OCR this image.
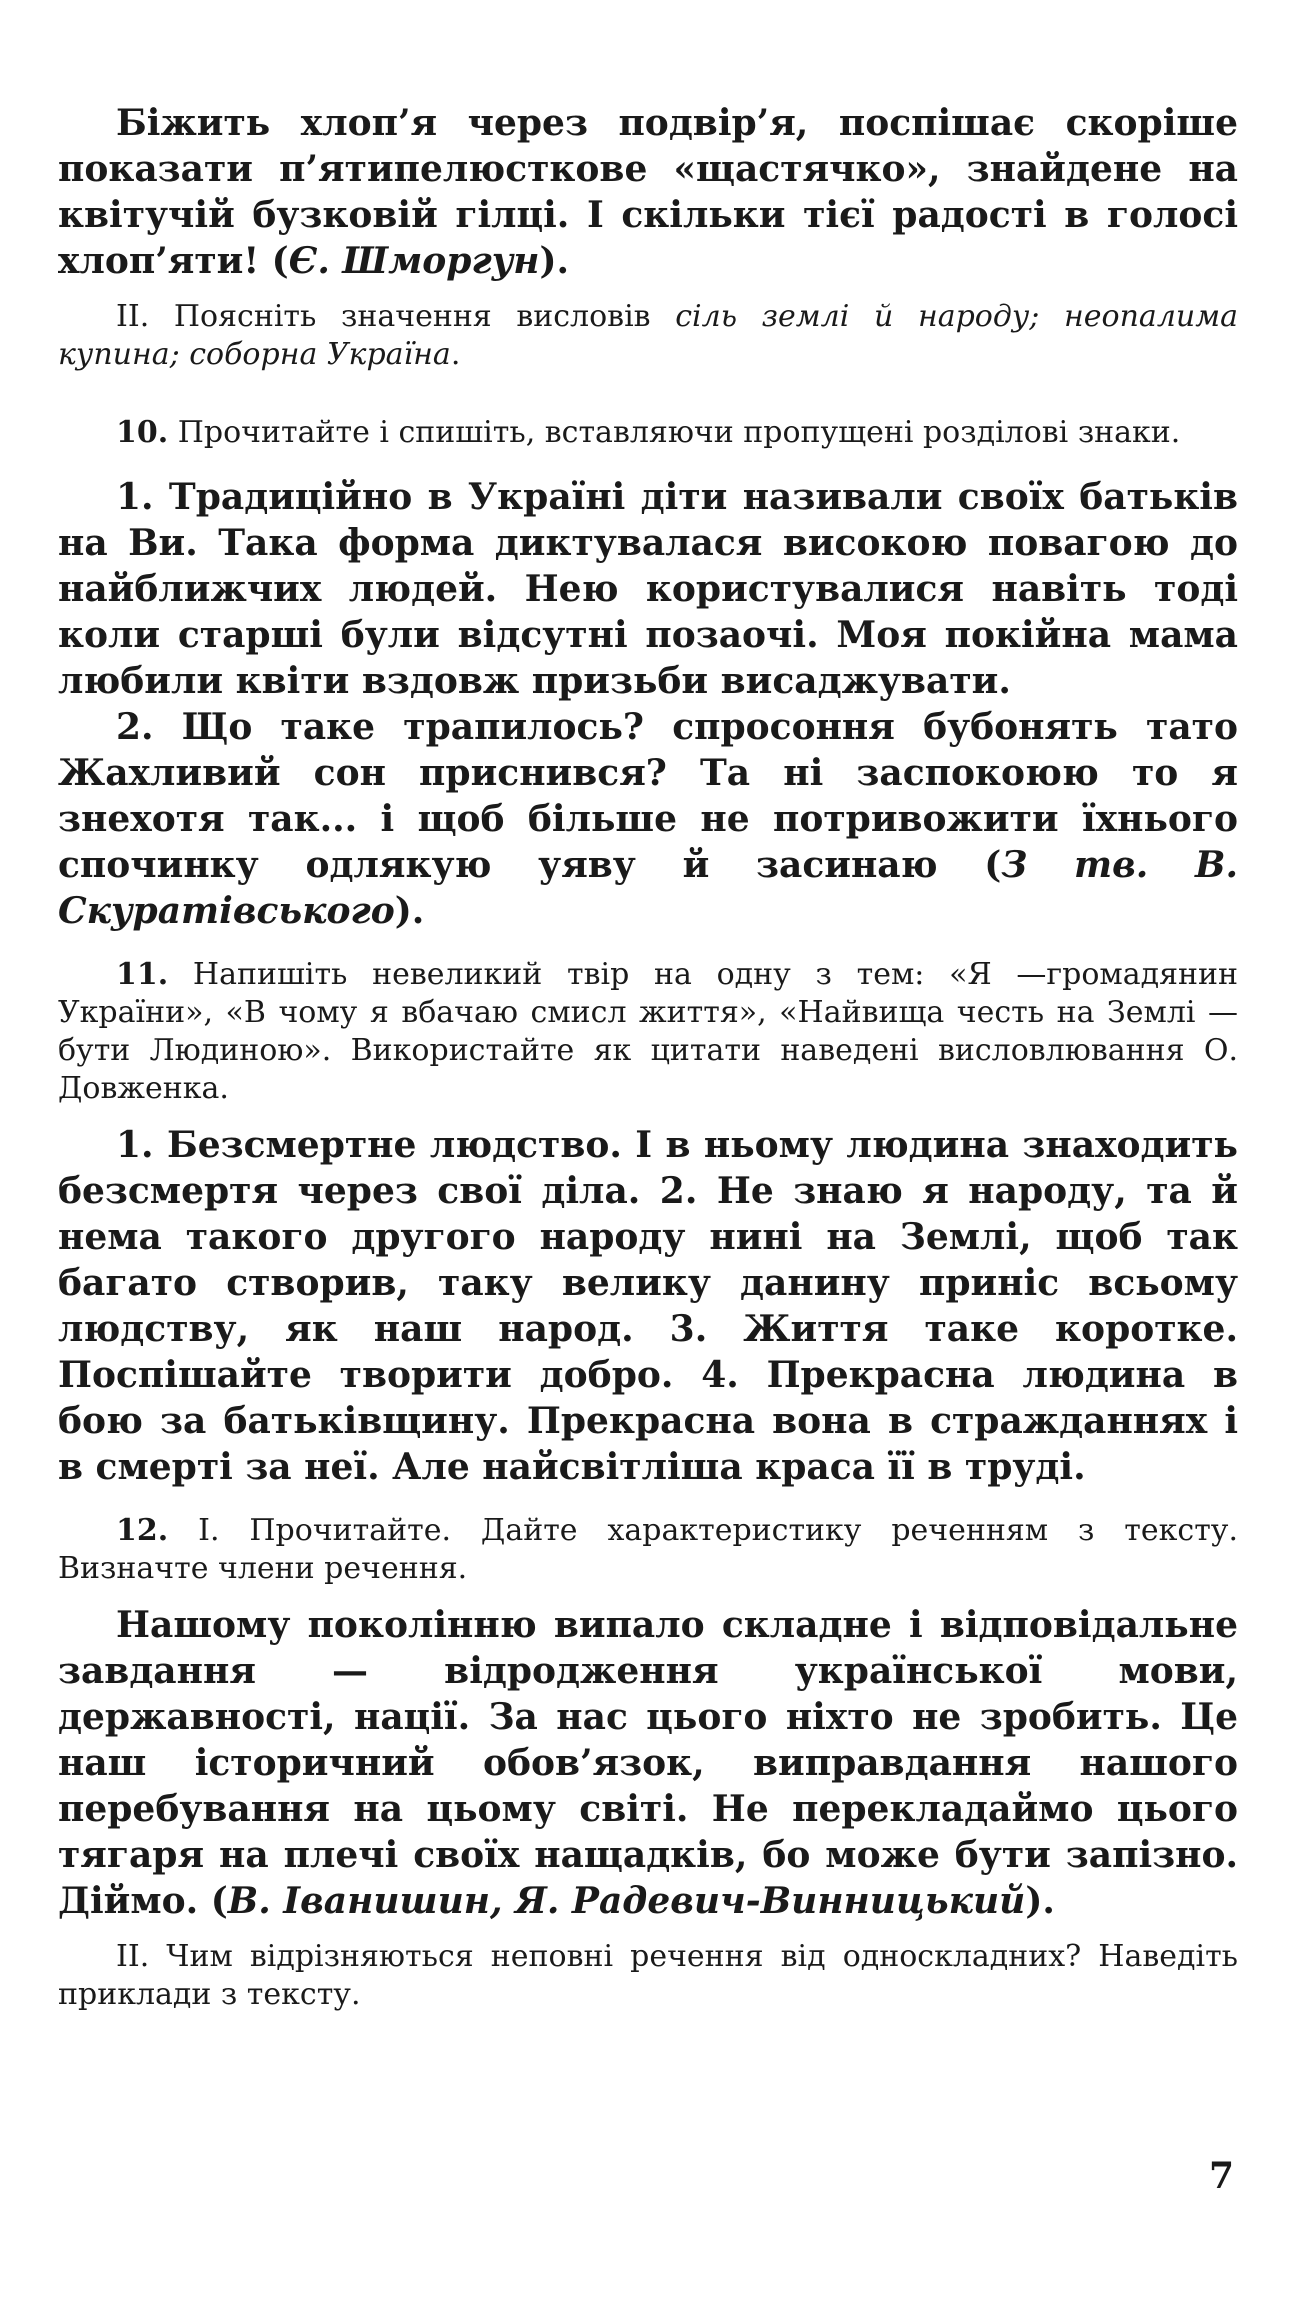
Біжить хлоп’я через подвір’я, поспішає скоріше показати п’ятипелюсткове «щастячко», знайдене на квітучій бузковій гілці. І скільки тієї радості в голосі хлоп’яти! (Є. Шморгун).

II. Поясніть значення висловів сіль землі й народу; неопалима купина; соборна Україна.

10. Прочитайте і спишіть, вставляючи пропущені розділові знаки.

1. Традиційно в Україні діти називали своїх батьків на Ви. Така форма диктувалася високою повагою до найближчих людей. Нею користувалися навіть тоді коли старші були відсутні позаочі. Моя покійна мама любили квіти вздовж призьби висаджувати.

2. Що таке трапилось? спросоння бубонять тато Жахливий сон приснився? Та ні заспокоюю то я знехотя так... і щоб більше не потривожити їхнього спочинку одлякую уяву й засинаю (З тв. В. Скуратівського).

11. Напишіть невеликий твір на одну з тем: «Я —громадянин України», «В чому я вбачаю смисл життя», «Найвища честь на Землі — бути Людиною». Використайте як цитати наведені висловлювання О. Довженка.

1. Безсмертне людство. І в ньому людина знаходить безсмертя через свої діла. 2. Не знаю я народу, та й нема такого другого народу нині на Землі, щоб так багато створив, таку велику данину приніс всьому людству, як наш народ. 3. Життя таке коротке. Поспішайте творити добро. 4. Прекрасна людина в бою за батьківщину. Прекрасна вона в стражданнях і в смерті за неї. Але найсвітліша краса її в труді.

12. І. Прочитайте. Дайте характеристику реченням з тексту. Визначте члени речення.

Нашому поколінню випало складне і відповідальне завдання — відродження української мови, державності, нації. За нас цього ніхто не зробить. Це наш історичний обов’язок, виправдання нашого перебування на цьому світі. Не перекладаймо цього тягаря на плечі своїх нащадків, бо може бути запізно. Діймо. (В. Іванишин, Я. Радевич-Винницький).

II. Чим відрізняються неповні речення від односкладних? Наведіть приклади з тексту.

7
